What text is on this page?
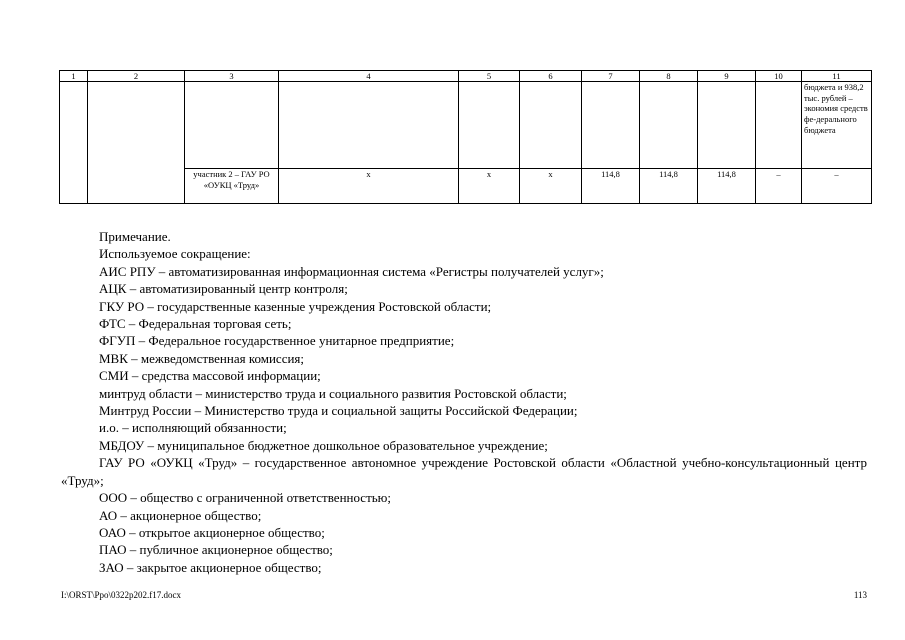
1	2	3	4	5	6	7	8	9	10	11
										бюджета и 938,2 тыс. рублей – экономия средств фе-дерального бюджета
		участник 2 – ГАУ РО «ОУКЦ «Труд»	х	х	х	114,8	114,8	114,8	–	–

Примечание.

Используемое сокращение:

АИС РПУ – автоматизированная информационная система «Регистры получателей услуг»;

АЦК – автоматизированный центр контроля;

ГКУ РО – государственные казенные учреждения Ростовской области;

ФТС – Федеральная торговая сеть;

ФГУП – Федеральное государственное унитарное предприятие;

МВК – межведомственная комиссия;

СМИ – средства массовой информации;

минтруд области – министерство труда и социального развития Ростовской области;

Минтруд России – Министерство труда и социальной защиты Российской Федерации;

и.о. – исполняющий обязанности;

МБДОУ – муниципальное бюджетное дошкольное образовательное учреждение;

ГАУ РО «ОУКЦ «Труд» – государственное автономное учреждение Ростовской области «Областной учебно-консультационный центр «Труд»;

ООО – общество с ограниченной ответственностью;

АО – акционерное общество;

ОАО – открытое акционерное общество;

ПАО – публичное акционерное общество;

ЗАО – закрытое акционерное общество;

I:\ORST\Ppo\0322p202.f17.docx	113
